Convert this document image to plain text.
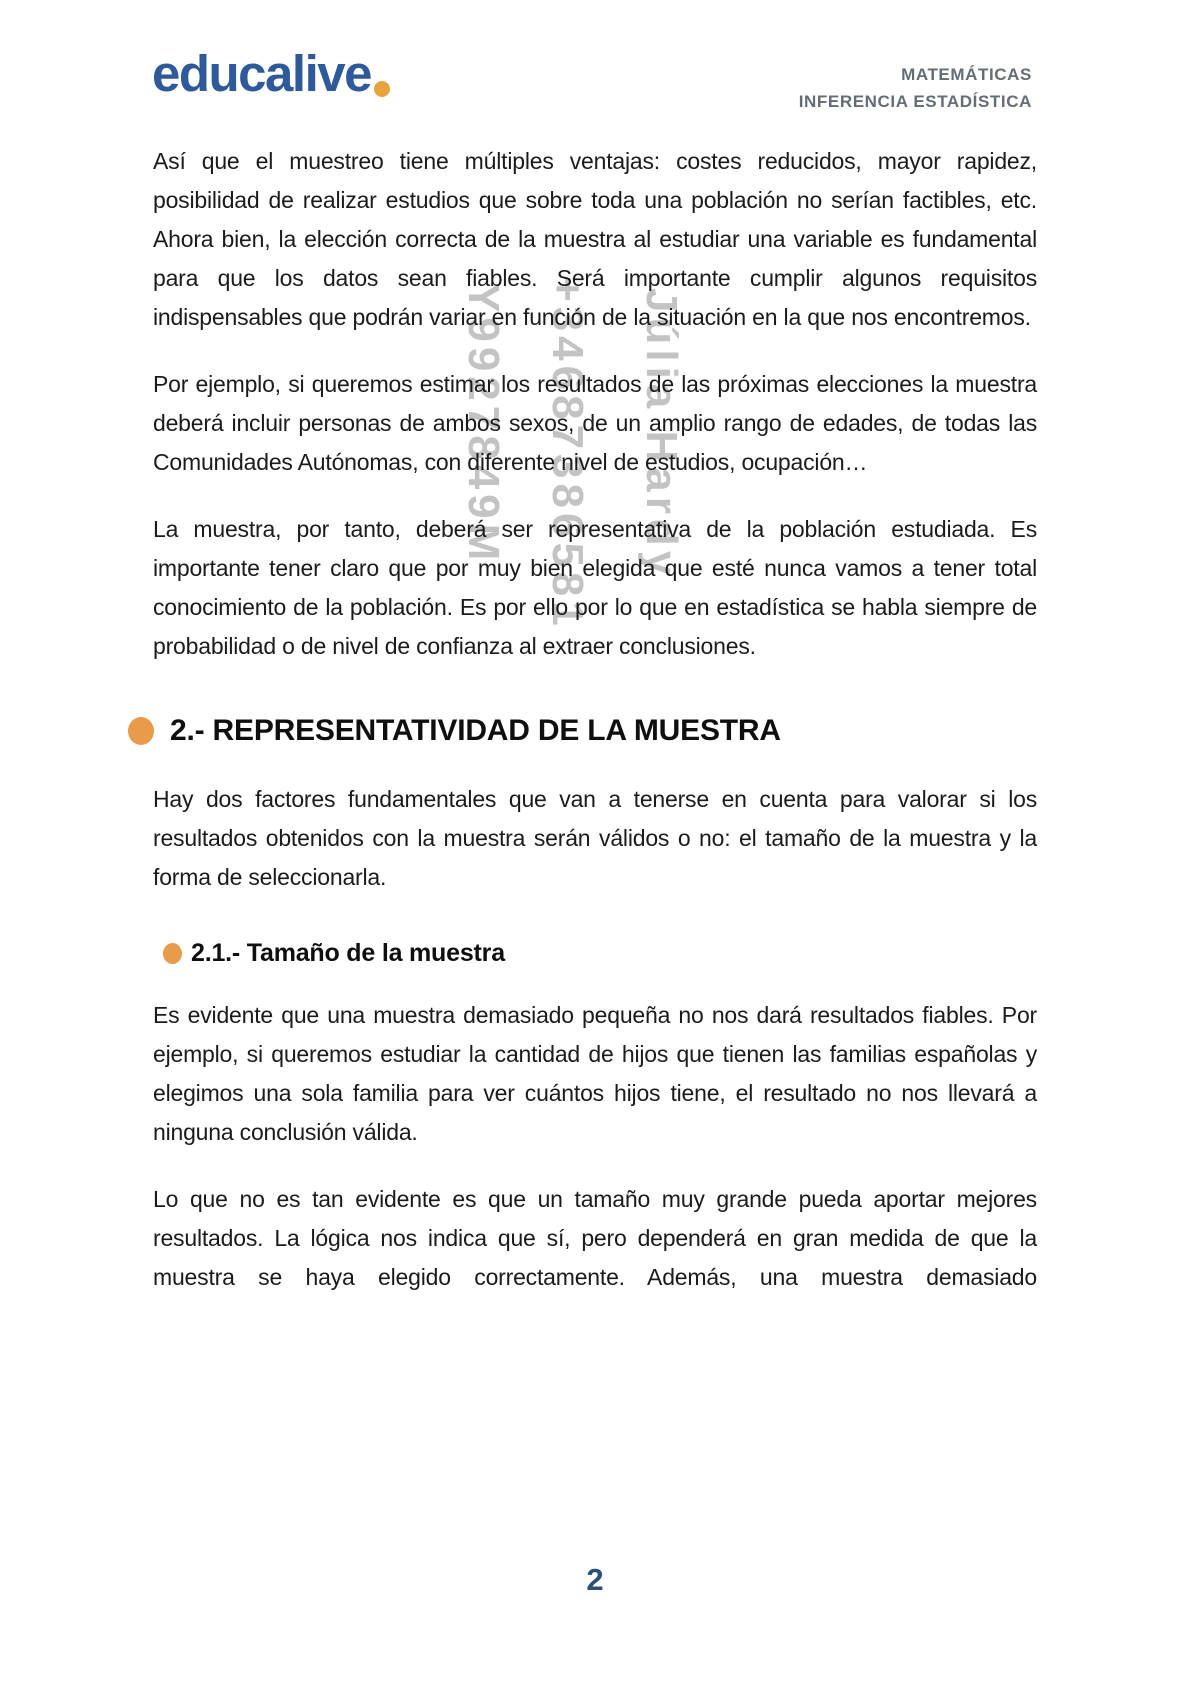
Y9927849M +34687386581 Júlia Hardy
educalive	MATEMÁTICAS
INFERENCIA ESTADÍSTICA

Así que el muestreo tiene múltiples ventajas: costes reducidos, mayor rapidez, posibilidad de realizar estudios que sobre toda una población no serían factibles, etc. Ahora bien, la elección correcta de la muestra al estudiar una variable es fundamental para que los datos sean fiables. Será importante cumplir algunos requisitos indispensables que podrán variar en función de la situación en la que nos encontremos.

Por ejemplo, si queremos estimar los resultados de las próximas elecciones la muestra deberá incluir personas de ambos sexos, de un amplio rango de edades, de todas las Comunidades Autónomas, con diferente nivel de estudios, ocupación…

La muestra, por tanto, deberá ser representativa de la población estudiada. Es importante tener claro que por muy bien elegida que esté nunca vamos a tener total conocimiento de la población. Es por ello por lo que en estadística se habla siempre de probabilidad o de nivel de confianza al extraer conclusiones.

2.- REPRESENTATIVIDAD DE LA MUESTRA

Hay dos factores fundamentales que van a tenerse en cuenta para valorar si los resultados obtenidos con la muestra serán válidos o no: el tamaño de la muestra y la forma de seleccionarla.

2.1.- Tamaño de la muestra

Es evidente que una muestra demasiado pequeña no nos dará resultados fiables. Por ejemplo, si queremos estudiar la cantidad de hijos que tienen las familias españolas y elegimos una sola familia para ver cuántos hijos tiene, el resultado no nos llevará a ninguna conclusión válida.

Lo que no es tan evidente es que un tamaño muy grande pueda aportar mejores resultados. La lógica nos indica que sí, pero dependerá en gran medida de que la muestra se haya elegido correctamente. Además, una muestra demasiado

2
